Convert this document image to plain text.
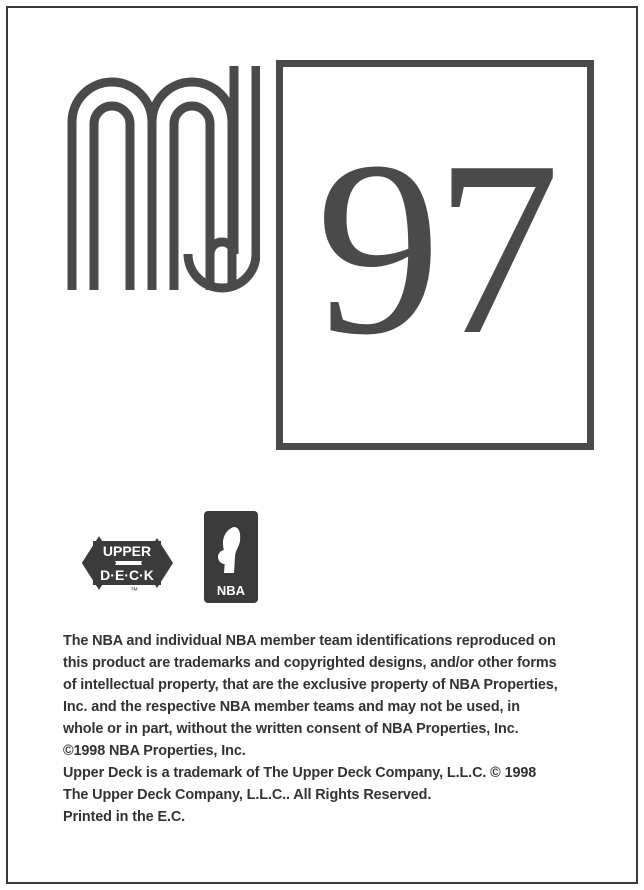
97
UPPER
D·E·C·K
™	NBA

The NBA and individual NBA member team identifications reproduced on this product are trademarks and copyrighted designs, and/or other forms of intellectual property, that are the exclusive property of NBA Properties, Inc. and the respective NBA member teams and may not be used, in whole or in part, without the written consent of NBA Properties, Inc. ©1998 NBA Properties, Inc.

Upper Deck is a trademark of The Upper Deck Company, L.L.C. © 1998 The Upper Deck Company, L.L.C.. All Rights Reserved.

Printed in the E.C.
